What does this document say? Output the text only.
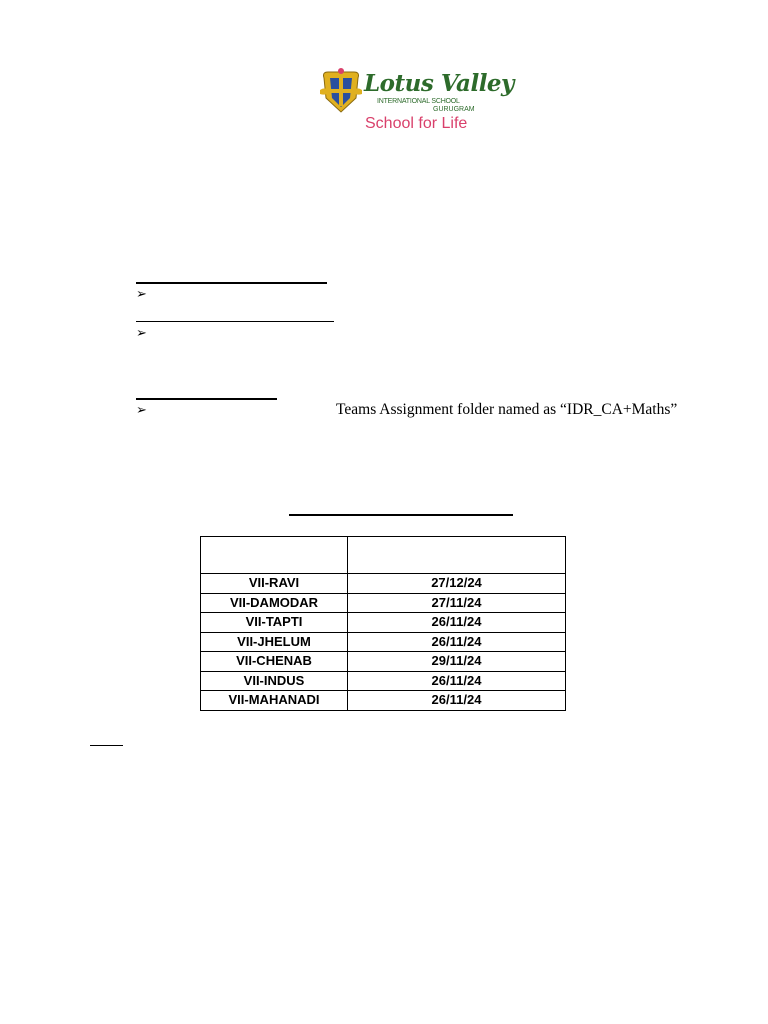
Lotus Valley
INTERNATIONAL SCHOOL
GURUGRAM
School for Life
➢
➢
➢	Teams Assignment folder named as “IDR_CA+Maths”

VII-RAVI	27/12/24
VII-DAMODAR	27/11/24
VII-TAPTI	26/11/24
VII-JHELUM	26/11/24
VII-CHENAB	29/11/24
VII-INDUS	26/11/24
VII-MAHANADI	26/11/24
